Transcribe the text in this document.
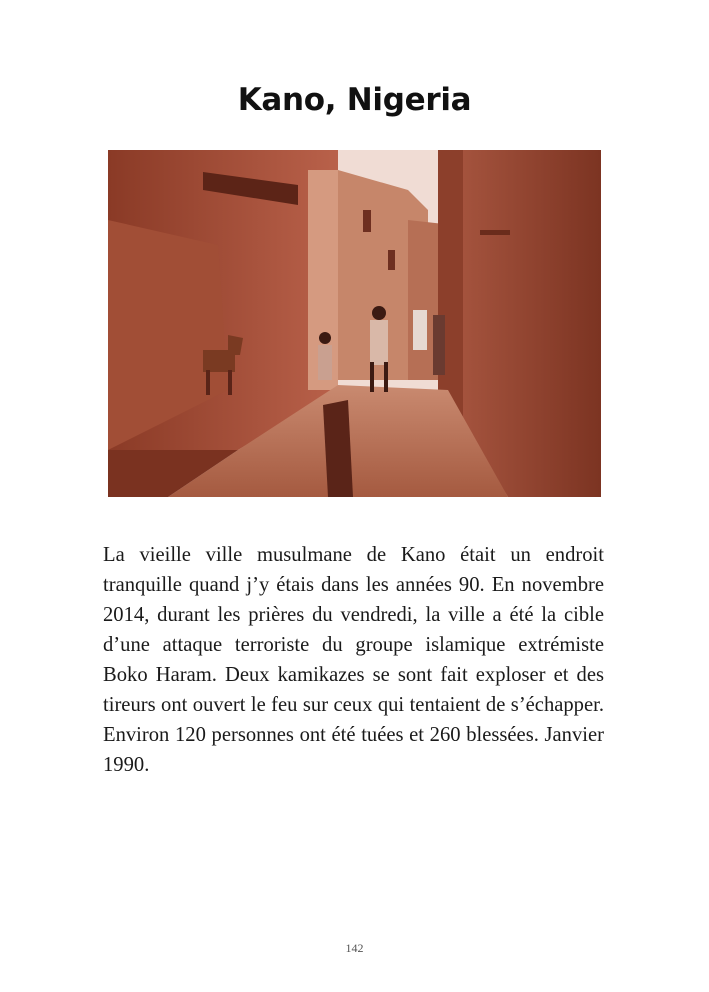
Kano, Nigeria

La vieille ville musulmane de Kano était un endroit tranquille quand j’y étais dans les années 90. En novembre 2014, durant les prières du vendredi, la ville a été la cible d’une attaque terroriste du groupe islamique extrémiste Boko Haram. Deux kamikazes se sont fait exploser et des tireurs ont ouvert le feu sur ceux qui tentaient de s’échapper. Environ 120 personnes ont été tuées et 260 blessées. Janvier 1990.

142
